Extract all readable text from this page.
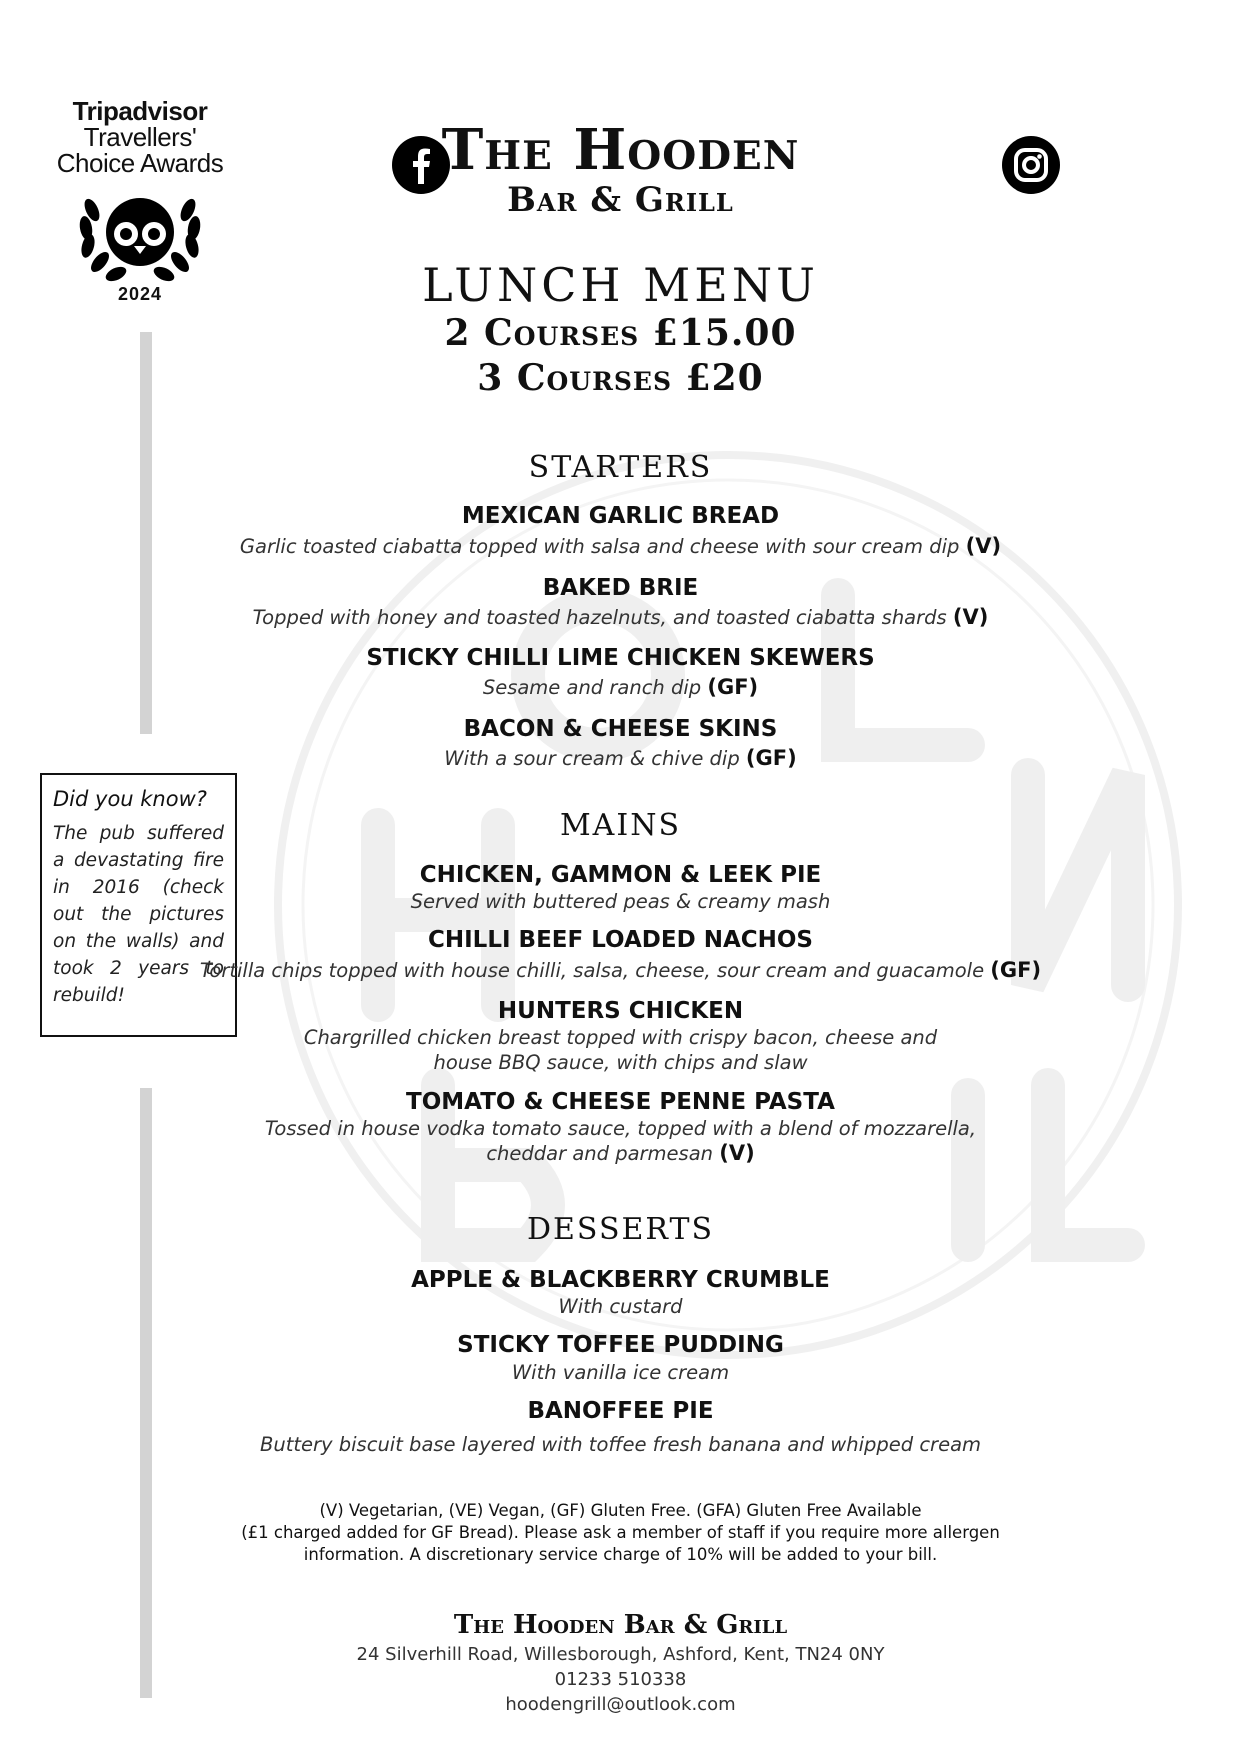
Tripadvisor
Travellers'
Choice Awards
2024
Did you know?
The pub suffered a devastating fire in 2016 (check out the pictures on the walls) and took 2 years to rebuild!
The Hooden
Bar & Grill
LUNCH MENU
2 Courses £15.00
3 Courses £20
STARTERS
MEXICAN GARLIC BREAD
Garlic toasted ciabatta topped with salsa and cheese with sour cream dip (V)
BAKED BRIE
Topped with honey and toasted hazelnuts, and toasted ciabatta shards (V)
STICKY CHILLI LIME CHICKEN SKEWERS
Sesame and ranch dip (GF)
BACON & CHEESE SKINS
With a sour cream & chive dip (GF)
MAINS
CHICKEN, GAMMON & LEEK PIE
Served with buttered peas & creamy mash
CHILLI BEEF LOADED NACHOS
Tortilla chips topped with house chilli, salsa, cheese, sour cream and guacamole (GF)
HUNTERS CHICKEN
Chargrilled chicken breast topped with crispy bacon, cheese and
house BBQ sauce, with chips and slaw
TOMATO & CHEESE PENNE PASTA
Tossed in house vodka tomato sauce, topped with a blend of mozzarella,
cheddar and parmesan (V)
DESSERTS
APPLE & BLACKBERRY CRUMBLE
With custard
STICKY TOFFEE PUDDING
With vanilla ice cream
BANOFFEE PIE
Buttery biscuit base layered with toffee fresh banana and whipped cream
(V) Vegetarian, (VE) Vegan, (GF) Gluten Free. (GFA) Gluten Free Available
(£1 charged added for GF Bread). Please ask a member of staff if you require more allergen
information. A discretionary service charge of 10% will be added to your bill.
The Hooden Bar & Grill
24 Silverhill Road, Willesborough, Ashford, Kent, TN24 0NY
01233 510338
hoodengrill@outlook.com
